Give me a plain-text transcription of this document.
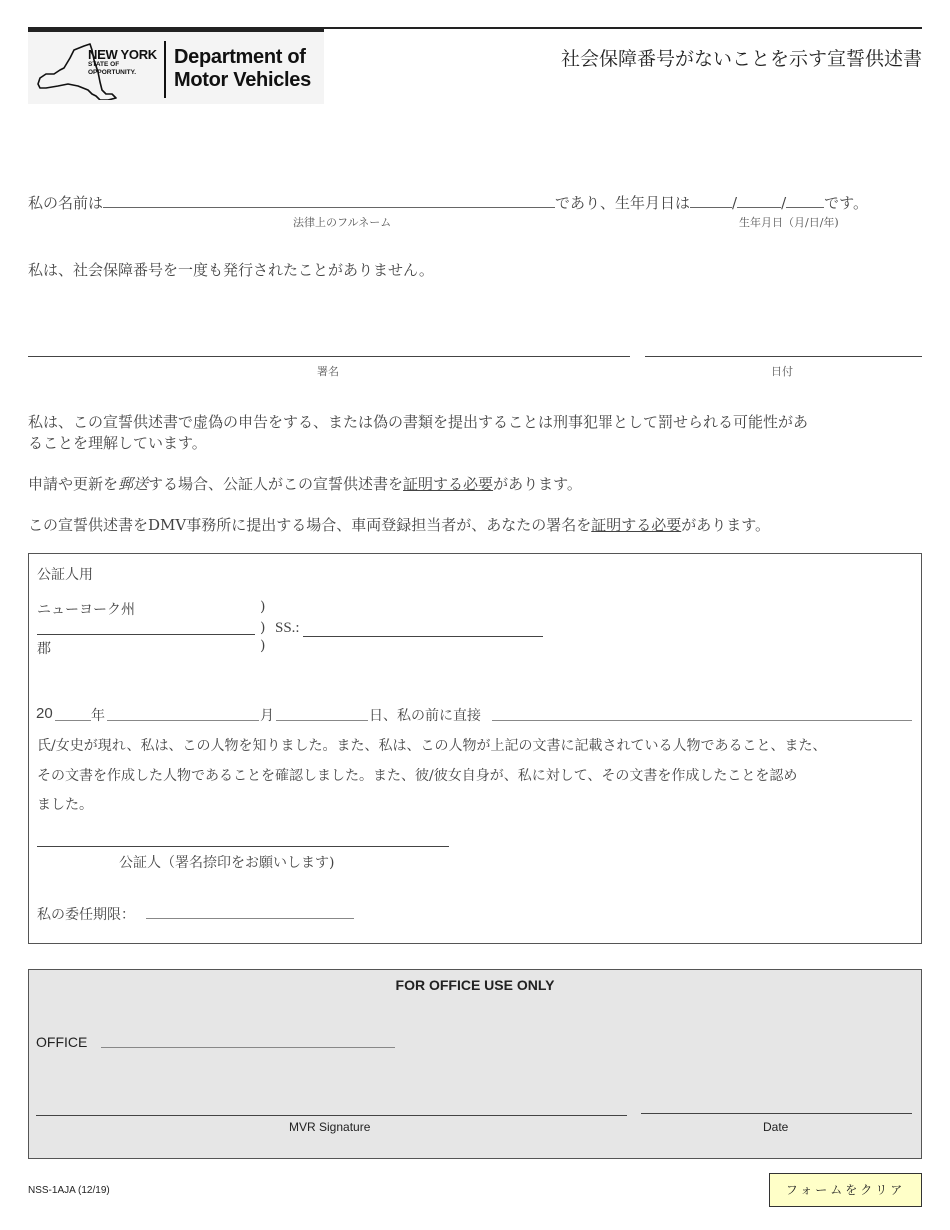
NEW YORK
STATE OF
OPPORTUNITY.
Department of
Motor Vehicles
社会保障番号がないことを示す宣誓供述書
私の名前は	であり、生年月日は	/	/	です。
法律上のフルネーム	生年月日（月/日/年)
私は、社会保障番号を一度も発行されたことがありません。
署名	日付
私は、この宣誓供述書で虚偽の申告をする、または偽の書類を提出することは刑事犯罪として罰せられる可能性があ
ることを理解しています。
申請や更新を郵送する場合、公証人がこの宣誓供述書を証明する必要があります。
この宣誓供述書をDMV事務所に提出する場合、車両登録担当者が、あなたの署名を証明する必要があります。
公証人用
ニューヨーク州	)
) SS.:
郡	)
20	年	月	日、私の前に直接
氏/女史が現れ、私は、この人物を知りました。また、私は、この人物が上記の文書に記載されている人物であること、また、
その文書を作成した人物であることを確認しました。また、彼/彼女自身が、私に対して、その文書を作成したことを認め
ました。
公証人（署名捺印をお願いします)
私の委任期限：
FOR OFFICE USE ONLY
OFFICE
MVR Signature	Date
NSS-1AJA (12/19)	フォームをクリア
